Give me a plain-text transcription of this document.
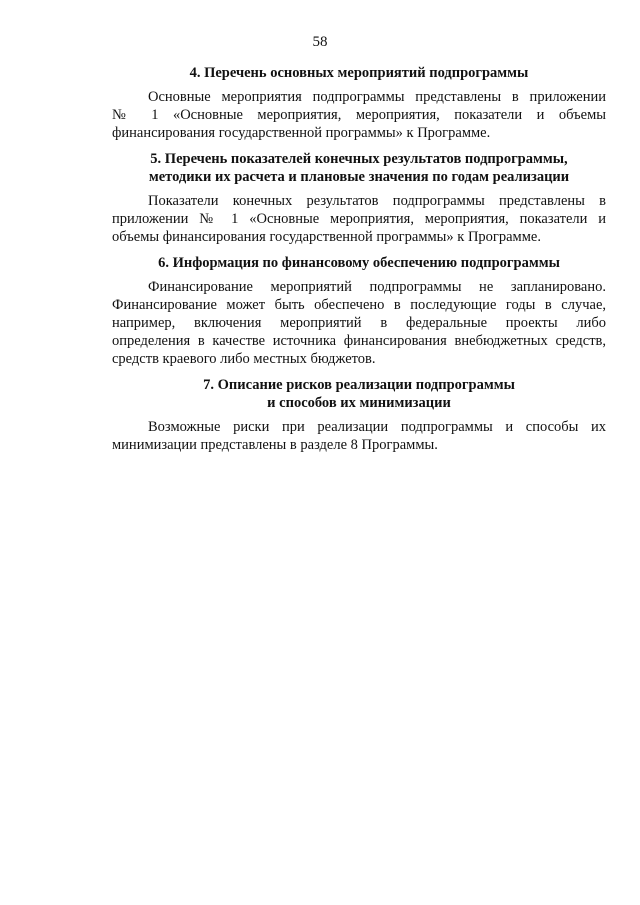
58
4. Перечень основных мероприятий подпрограммы

Основные мероприятия подпрограммы представлены в приложении
№ 1 «Основные мероприятия, мероприятия, показатели и объемы
финансирования государственной программы» к Программе.

5. Перечень показателей конечных результатов подпрограммы,
методики их расчета и плановые значения по годам реализации

Показатели конечных результатов подпрограммы представлены в
приложении № 1 «Основные мероприятия, мероприятия, показатели и
объемы финансирования государственной программы» к Программе.

6. Информация по финансовому обеспечению подпрограммы

Финансирование мероприятий подпрограммы не запланировано.
Финансирование может быть обеспечено в последующие годы в случае,
например, включения мероприятий в федеральные проекты либо
определения в качестве источника финансирования внебюджетных средств,
средств краевого либо местных бюджетов.

7. Описание рисков реализации подпрограммы
и способов их минимизации

Возможные риски при реализации подпрограммы и способы их
минимизации представлены в разделе 8 Программы.
